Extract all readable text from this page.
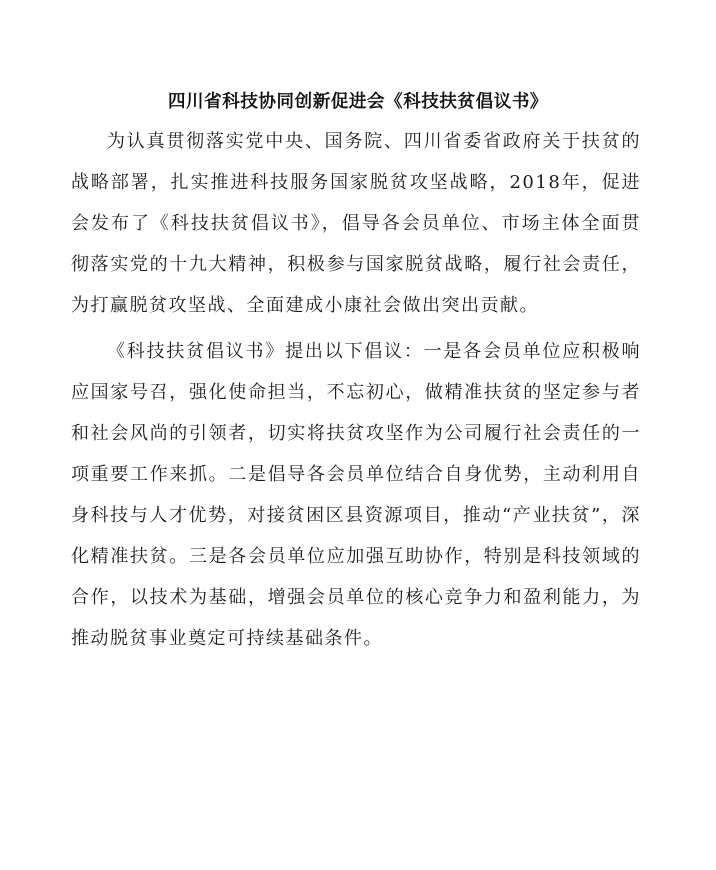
四川省科技协同创新促进会《科技扶贫倡议书》

为认真贯彻落实党中央、国务院、四川省委省政府关于扶贫的战略部署，扎实推进科技服务国家脱贫攻坚战略，2018年，促进会发布了《科技扶贫倡议书》，倡导各会员单位、市场主体全面贯彻落实党的十九大精神，积极参与国家脱贫战略，履行社会责任，为打赢脱贫攻坚战、全面建成小康社会做出突出贡献。

《科技扶贫倡议书》提出以下倡议：一是各会员单位应积极响应国家号召，强化使命担当，不忘初心，做精准扶贫的坚定参与者和社会风尚的引领者，切实将扶贫攻坚作为公司履行社会责任的一项重要工作来抓。二是倡导各会员单位结合自身优势，主动利用自身科技与人才优势，对接贫困区县资源项目，推动“产业扶贫”，深化精准扶贫。三是各会员单位应加强互助协作，特别是科技领域的合作，以技术为基础，增强会员单位的核心竞争力和盈利能力，为推动脱贫事业奠定可持续基础条件。
